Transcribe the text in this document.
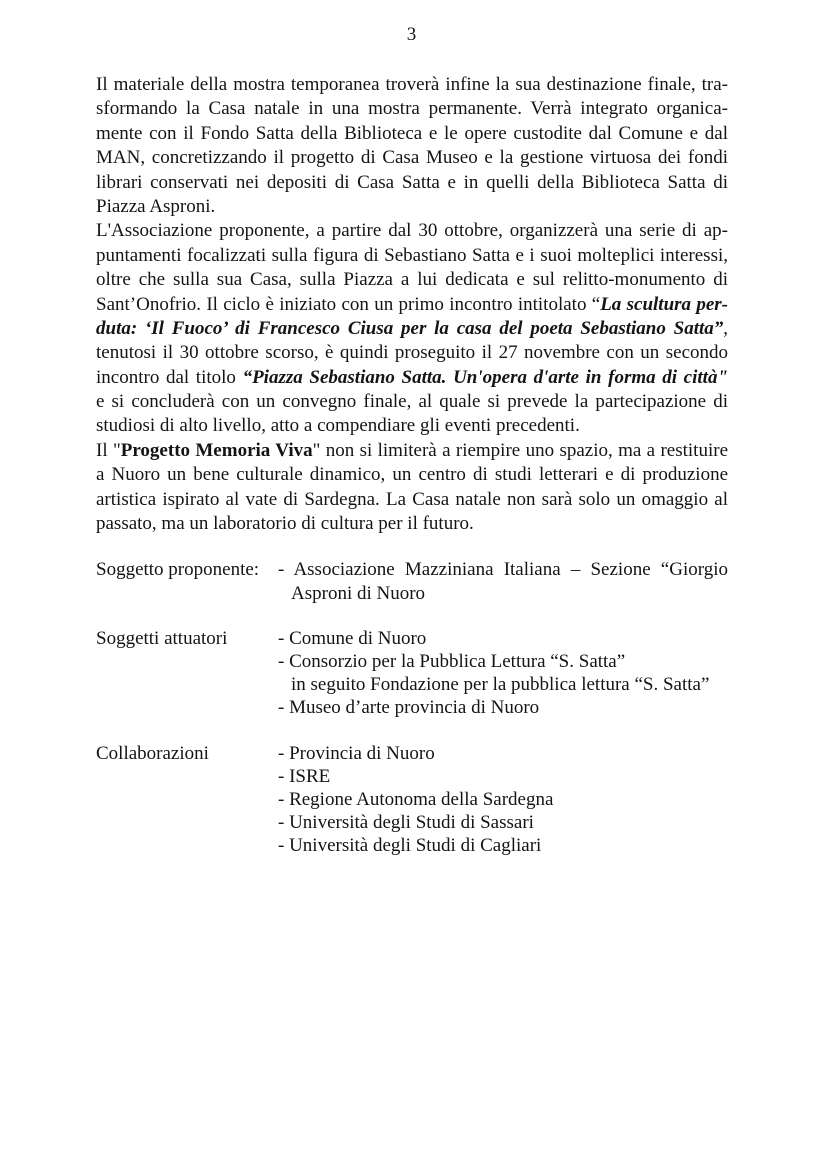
3
Il materiale della mostra temporanea troverà infine la sua destinazione finale, tra-
sformando la Casa natale in una mostra permanente. Verrà integrato organica-
mente con il Fondo Satta della Biblioteca e le opere custodite dal Comune e dal
MAN, concretizzando il progetto di Casa Museo e la gestione virtuosa dei fondi
librari conservati nei depositi di Casa Satta e in quelli della Biblioteca Satta di
Piazza Asproni.
L'Associazione proponente, a partire dal 30 ottobre, organizzerà una serie di ap-
puntamenti focalizzati sulla figura di Sebastiano Satta e i suoi molteplici interessi,
oltre che sulla sua Casa, sulla Piazza a lui dedicata e sul relitto-monumento di
Sant’Onofrio. Il ciclo è iniziato con un primo incontro intitolato “La scultura per-
duta: ‘Il Fuoco’ di Francesco Ciusa per la casa del poeta Sebastiano Satta”,
tenutosi il 30 ottobre scorso, è quindi proseguito il 27 novembre con un secondo
incontro dal titolo “Piazza Sebastiano Satta. Un'opera d'arte in forma di città"
e si concluderà con un convegno finale, al quale si prevede la partecipazione di
studiosi di alto livello, atto a compendiare gli eventi precedenti.
Il "Progetto Memoria Viva" non si limiterà a riempire uno spazio, ma a restituire
a Nuoro un bene culturale dinamico, un centro di studi letterari e di produzione
artistica ispirato al vate di Sardegna. La Casa natale non sarà solo un omaggio al
passato, ma un laboratorio di cultura per il futuro.
Soggetto proponente: - Associazione Mazziniana Italiana – Sezione “Giorgio
Asproni di Nuoro
Soggetti attuatori	- Comune di Nuoro
- Consorzio per la Pubblica Lettura “S. Satta”
in seguito Fondazione per la pubblica lettura “S. Satta”
- Museo d’arte provincia di Nuoro
Collaborazioni	- Provincia di Nuoro
- ISRE
- Regione Autonoma della Sardegna
- Università degli Studi di Sassari
- Università degli Studi di Cagliari
